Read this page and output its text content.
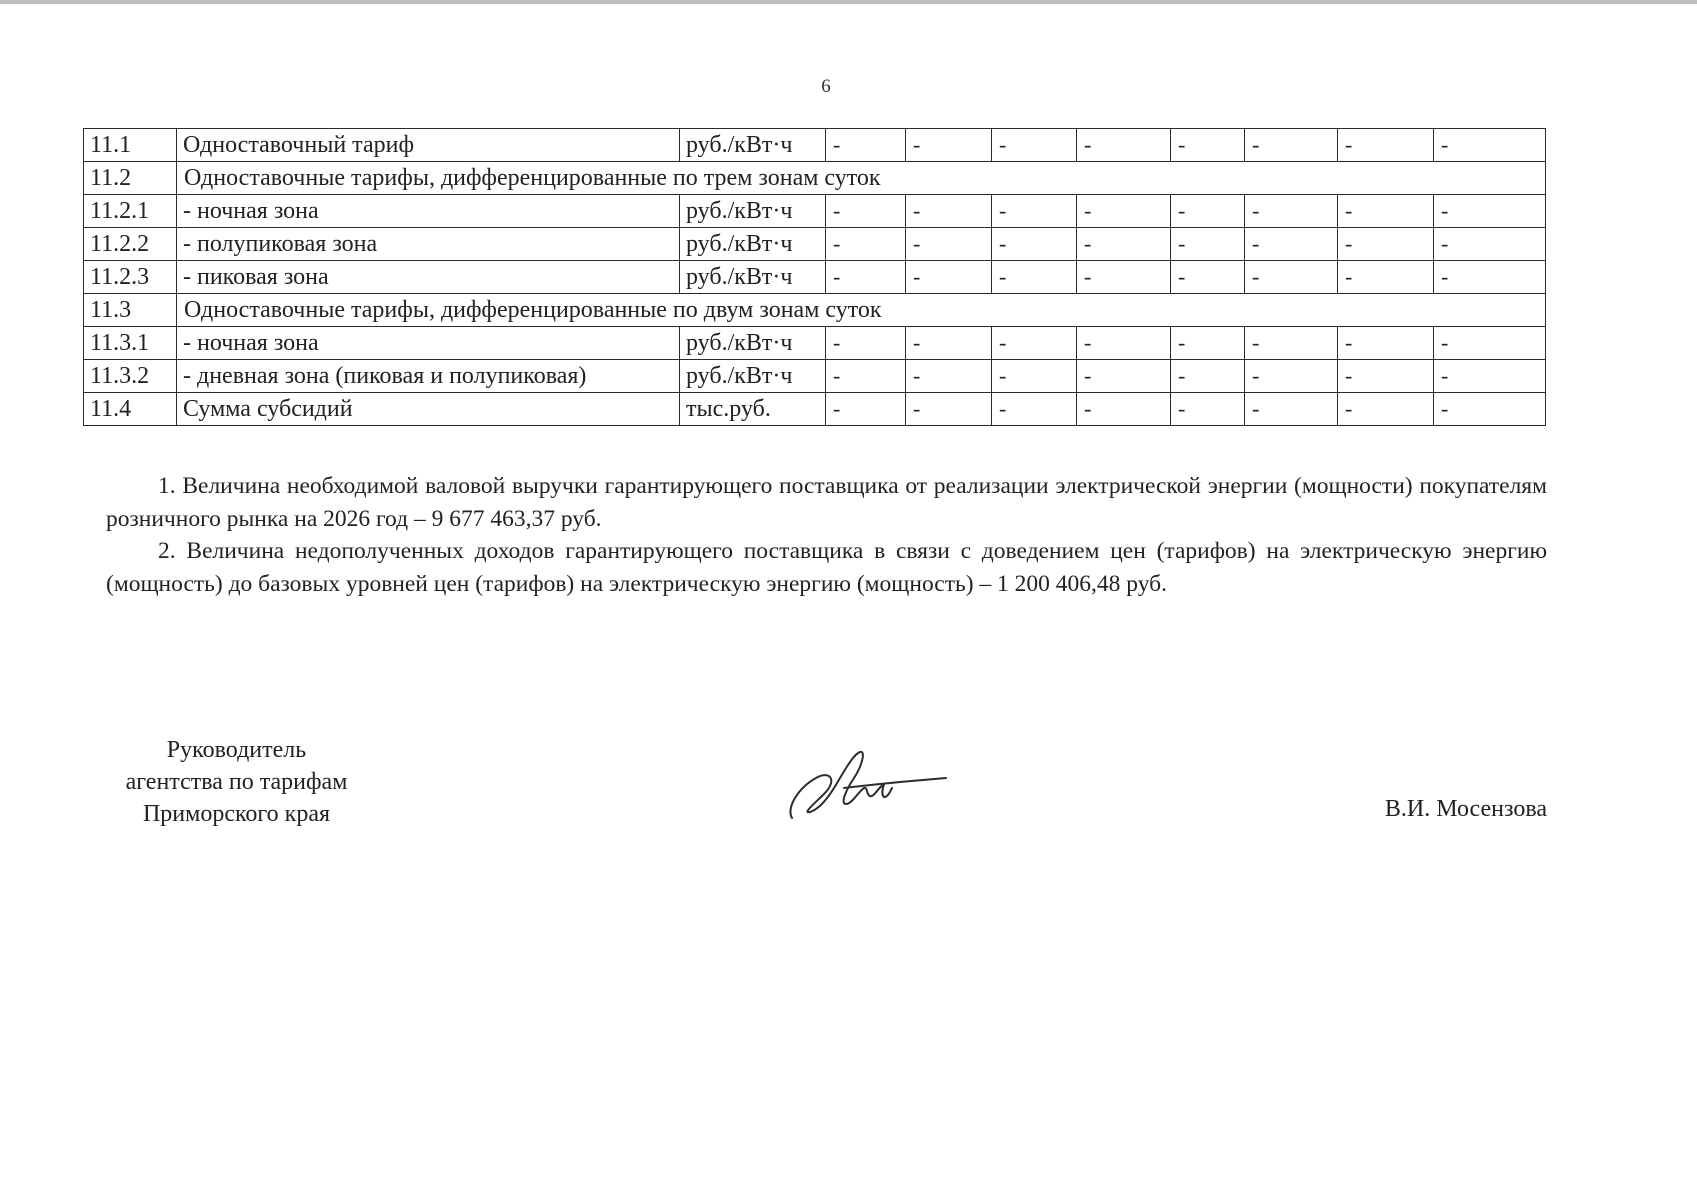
6
11.1	Одноставочный тариф	руб./кВт·ч	-	-	-	-	-	-	-	-
11.2	Одноставочные тарифы, дифференцированные по трем зонам суток									
11.2.1	- ночная зона	руб./кВт·ч	-	-	-	-	-	-	-	-
11.2.2	- полупиковая зона	руб./кВт·ч	-	-	-	-	-	-	-	-
11.2.3	- пиковая зона	руб./кВт·ч	-	-	-	-	-	-	-	-
11.3	Одноставочные тарифы, дифференцированные по двум зонам суток									
11.3.1	- ночная зона	руб./кВт·ч	-	-	-	-	-	-	-	-
11.3.2	- дневная зона (пиковая и полупиковая)	руб./кВт·ч	-	-	-	-	-	-	-	-
11.4	Сумма субсидий	тыс.руб.	-	-	-	-	-	-	-	-

1. Величина необходимой валовой выручки гарантирующего поставщика от реализации электрической энергии (мощности) покупателям розничного рынка на 2026 год – 9 677 463,37 руб.

2. Величина недополученных доходов гарантирующего поставщика в связи с доведением цен (тарифов) на электрическую энергию (мощность) до базовых уровней цен (тарифов) на электрическую энергию (мощность) – 1 200 406,48 руб.

Руководитель
агентства по тарифам
Приморского края	В.И. Мосензова
